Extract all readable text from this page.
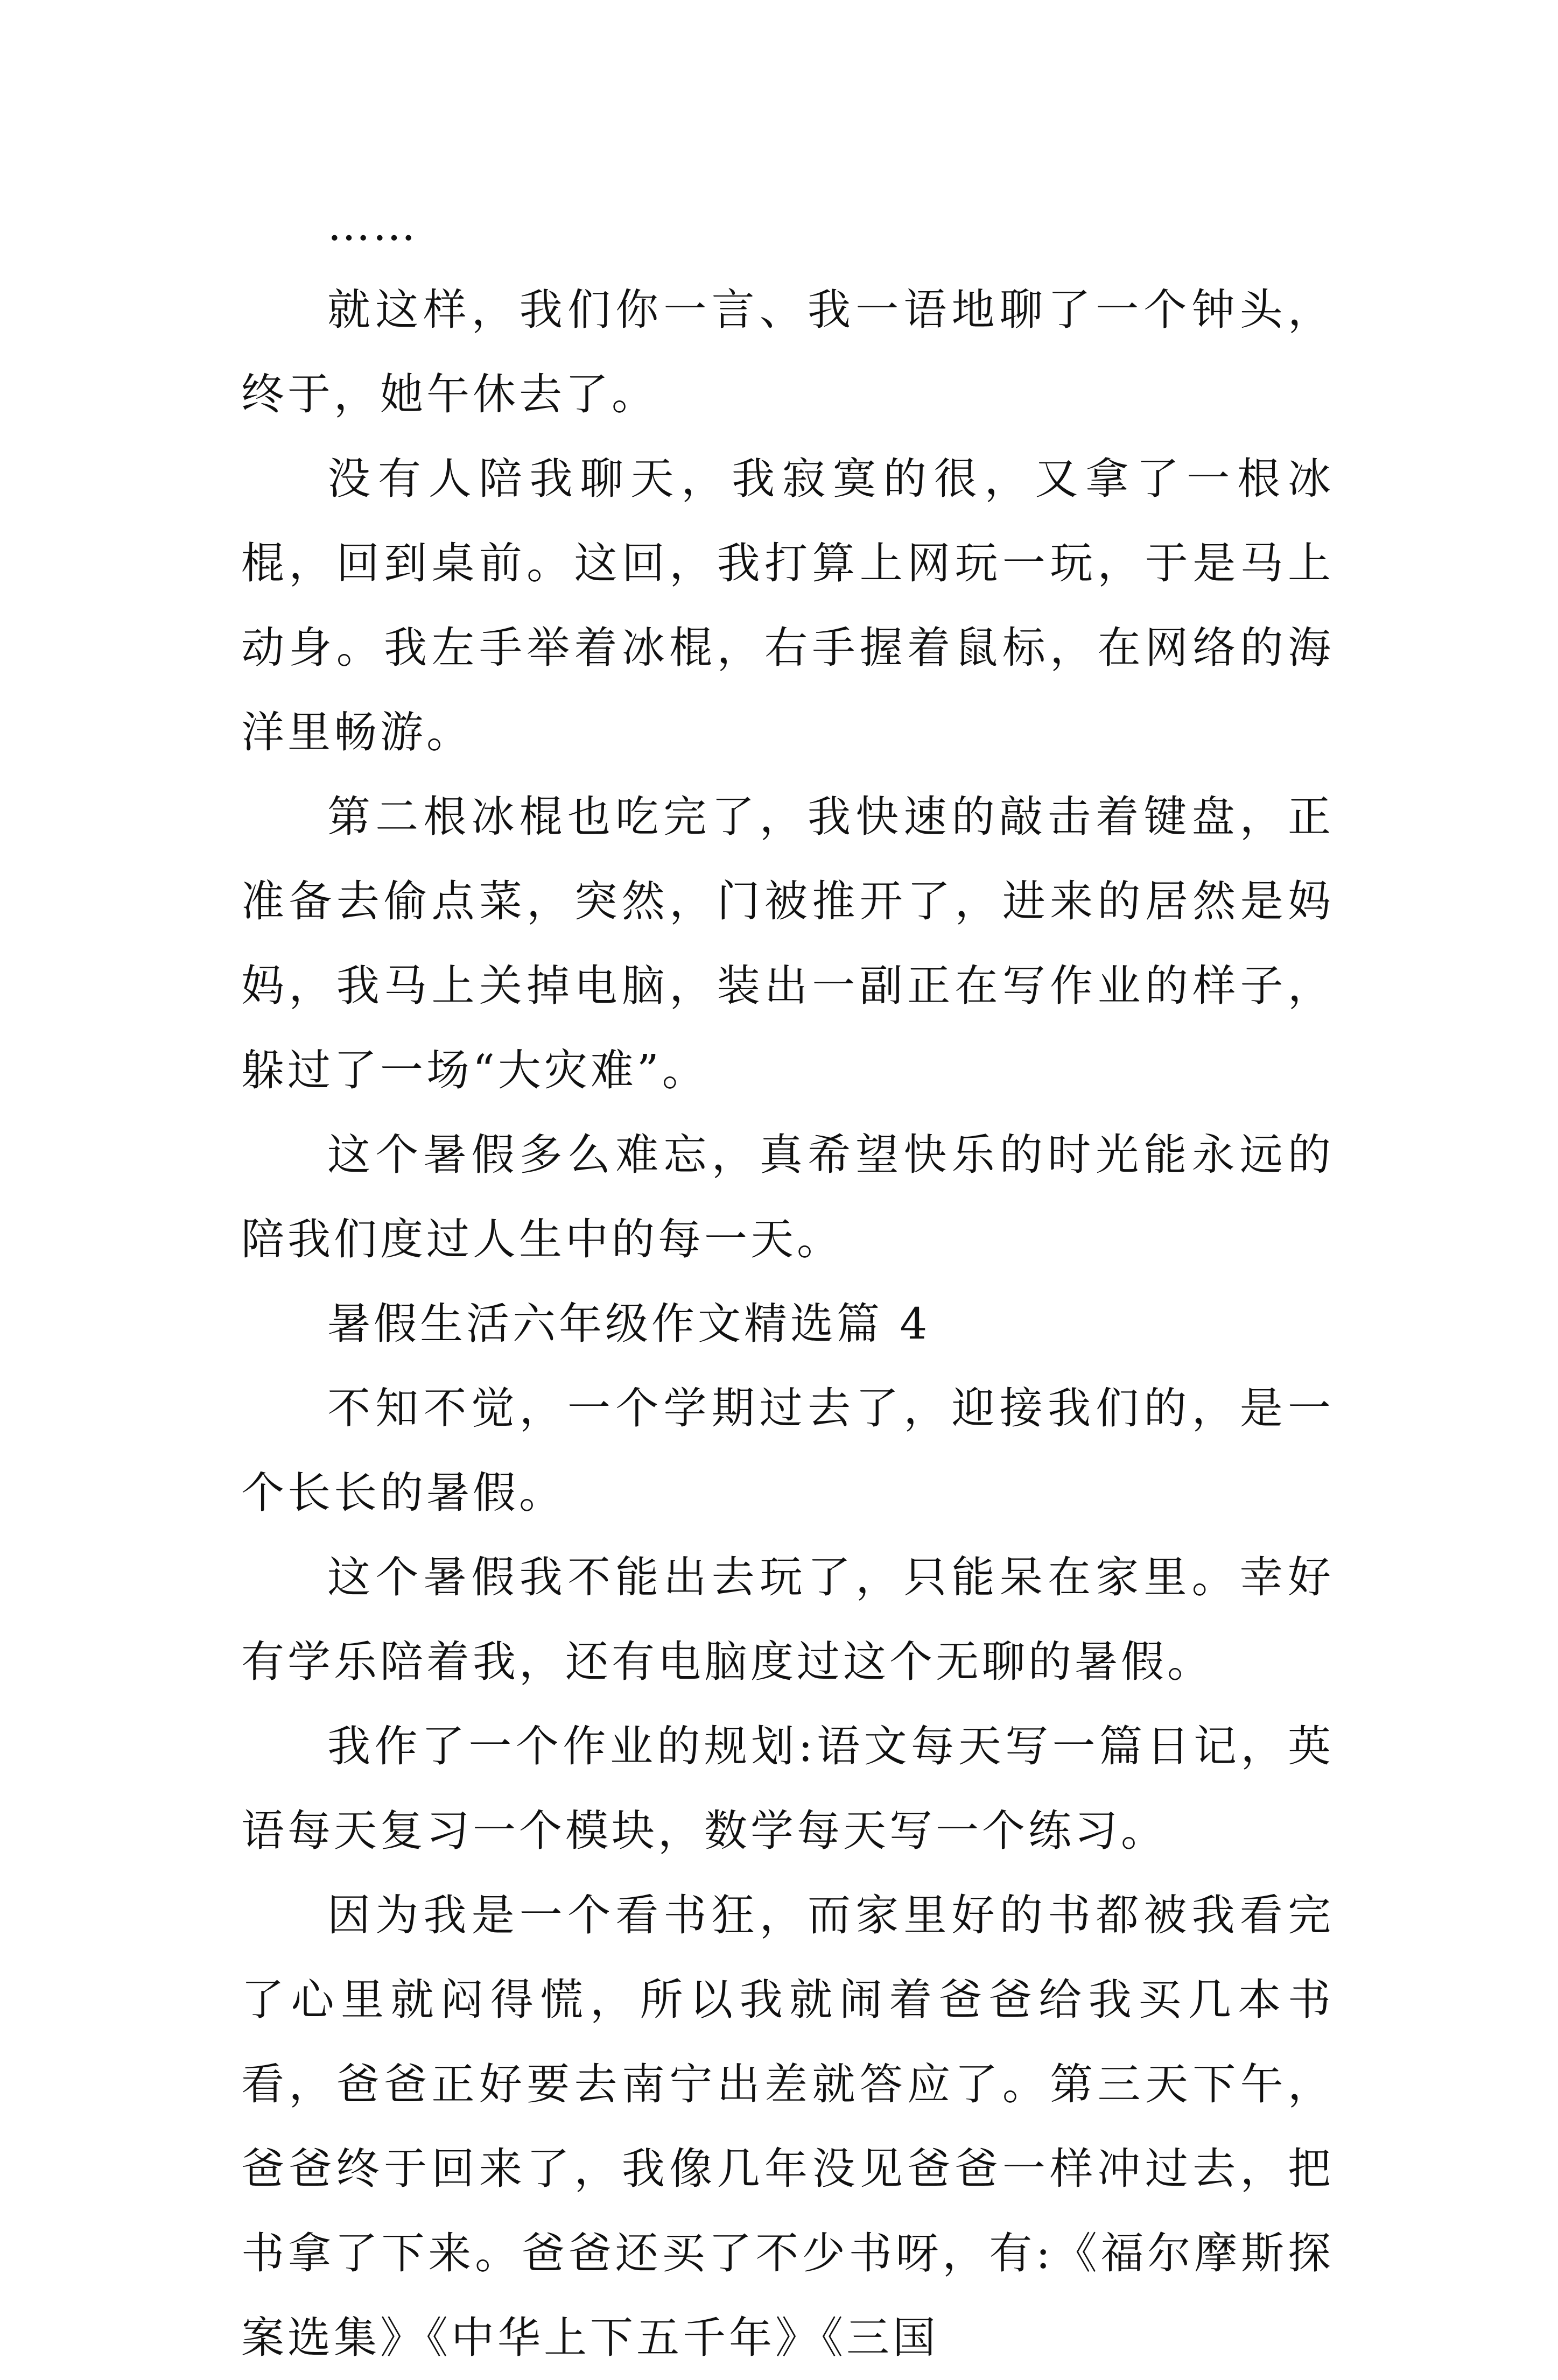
……

就这样，我们你一言、我一语地聊了一个钟头，终于，她午休去了。

没有人陪我聊天，我寂寞的很，又拿了一根冰棍，回到桌前。这回，我打算上网玩一玩，于是马上动身。我左手举着冰棍，右手握着鼠标，在网络的海洋里畅游。

第二根冰棍也吃完了，我快速的敲击着键盘，正准备去偷点菜，突然，门被推开了，进来的居然是妈妈，我马上关掉电脑，装出一副正在写作业的样子，躲过了一场“大灾难”。

这个暑假多么难忘，真希望快乐的时光能永远的陪我们度过人生中的每一天。

暑假生活六年级作文精选篇 4

不知不觉，一个学期过去了，迎接我们的，是一个长长的暑假。

这个暑假我不能出去玩了，只能呆在家里。幸好有学乐陪着我，还有电脑度过这个无聊的暑假。

我作了一个作业的规划:语文每天写一篇日记，英语每天复习一个模块，数学每天写一个练习。

因为我是一个看书狂，而家里好的书都被我看完了心里就闷得慌，所以我就闹着爸爸给我买几本书看，爸爸正好要去南宁出差就答应了。第三天下午，爸爸终于回来了，我像几年没见爸爸一样冲过去，把书拿了下来。爸爸还买了不少书呀，有:《福尔摩斯探案选集》《中华上下五千年》《三国
